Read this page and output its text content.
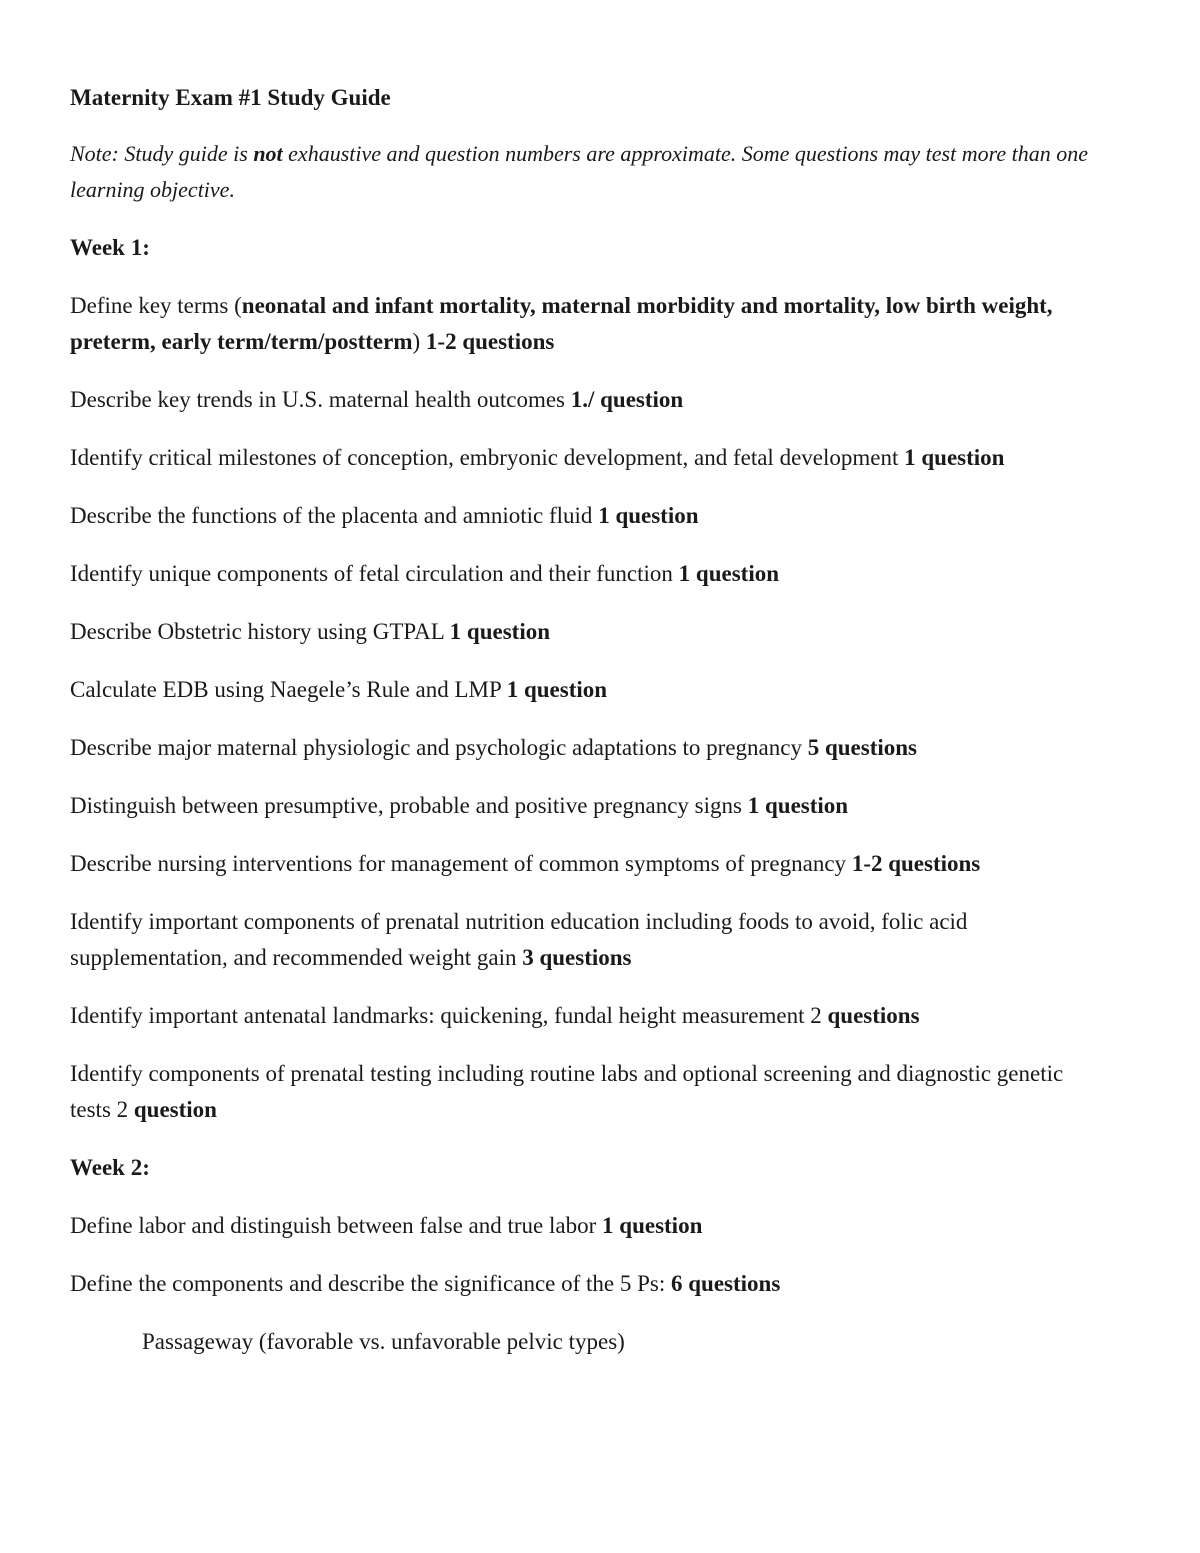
Maternity Exam #1 Study Guide
Note: Study guide is not exhaustive and question numbers are approximate. Some questions may test more than one learning objective.
Week 1:
Define key terms (neonatal and infant mortality, maternal morbidity and mortality, low birth weight, preterm, early term/term/postterm) 1-2 questions
Describe key trends in U.S. maternal health outcomes 1./ question
Identify critical milestones of conception, embryonic development, and fetal development 1 question
Describe the functions of the placenta and amniotic fluid 1 question
Identify unique components of fetal circulation and their function 1 question
Describe Obstetric history using GTPAL 1 question
Calculate EDB using Naegele’s Rule and LMP 1 question
Describe major maternal physiologic and psychologic adaptations to pregnancy 5 questions
Distinguish between presumptive, probable and positive pregnancy signs 1 question
Describe nursing interventions for management of common symptoms of pregnancy 1-2 questions
Identify important components of prenatal nutrition education including foods to avoid, folic acid supplementation, and recommended weight gain 3 questions
Identify important antenatal landmarks: quickening, fundal height measurement 2 questions
Identify components of prenatal testing including routine labs and optional screening and diagnostic genetic tests 2 question
Week 2:
Define labor and distinguish between false and true labor 1 question
Define the components and describe the significance of the 5 Ps: 6 questions
Passageway (favorable vs. unfavorable pelvic types)
